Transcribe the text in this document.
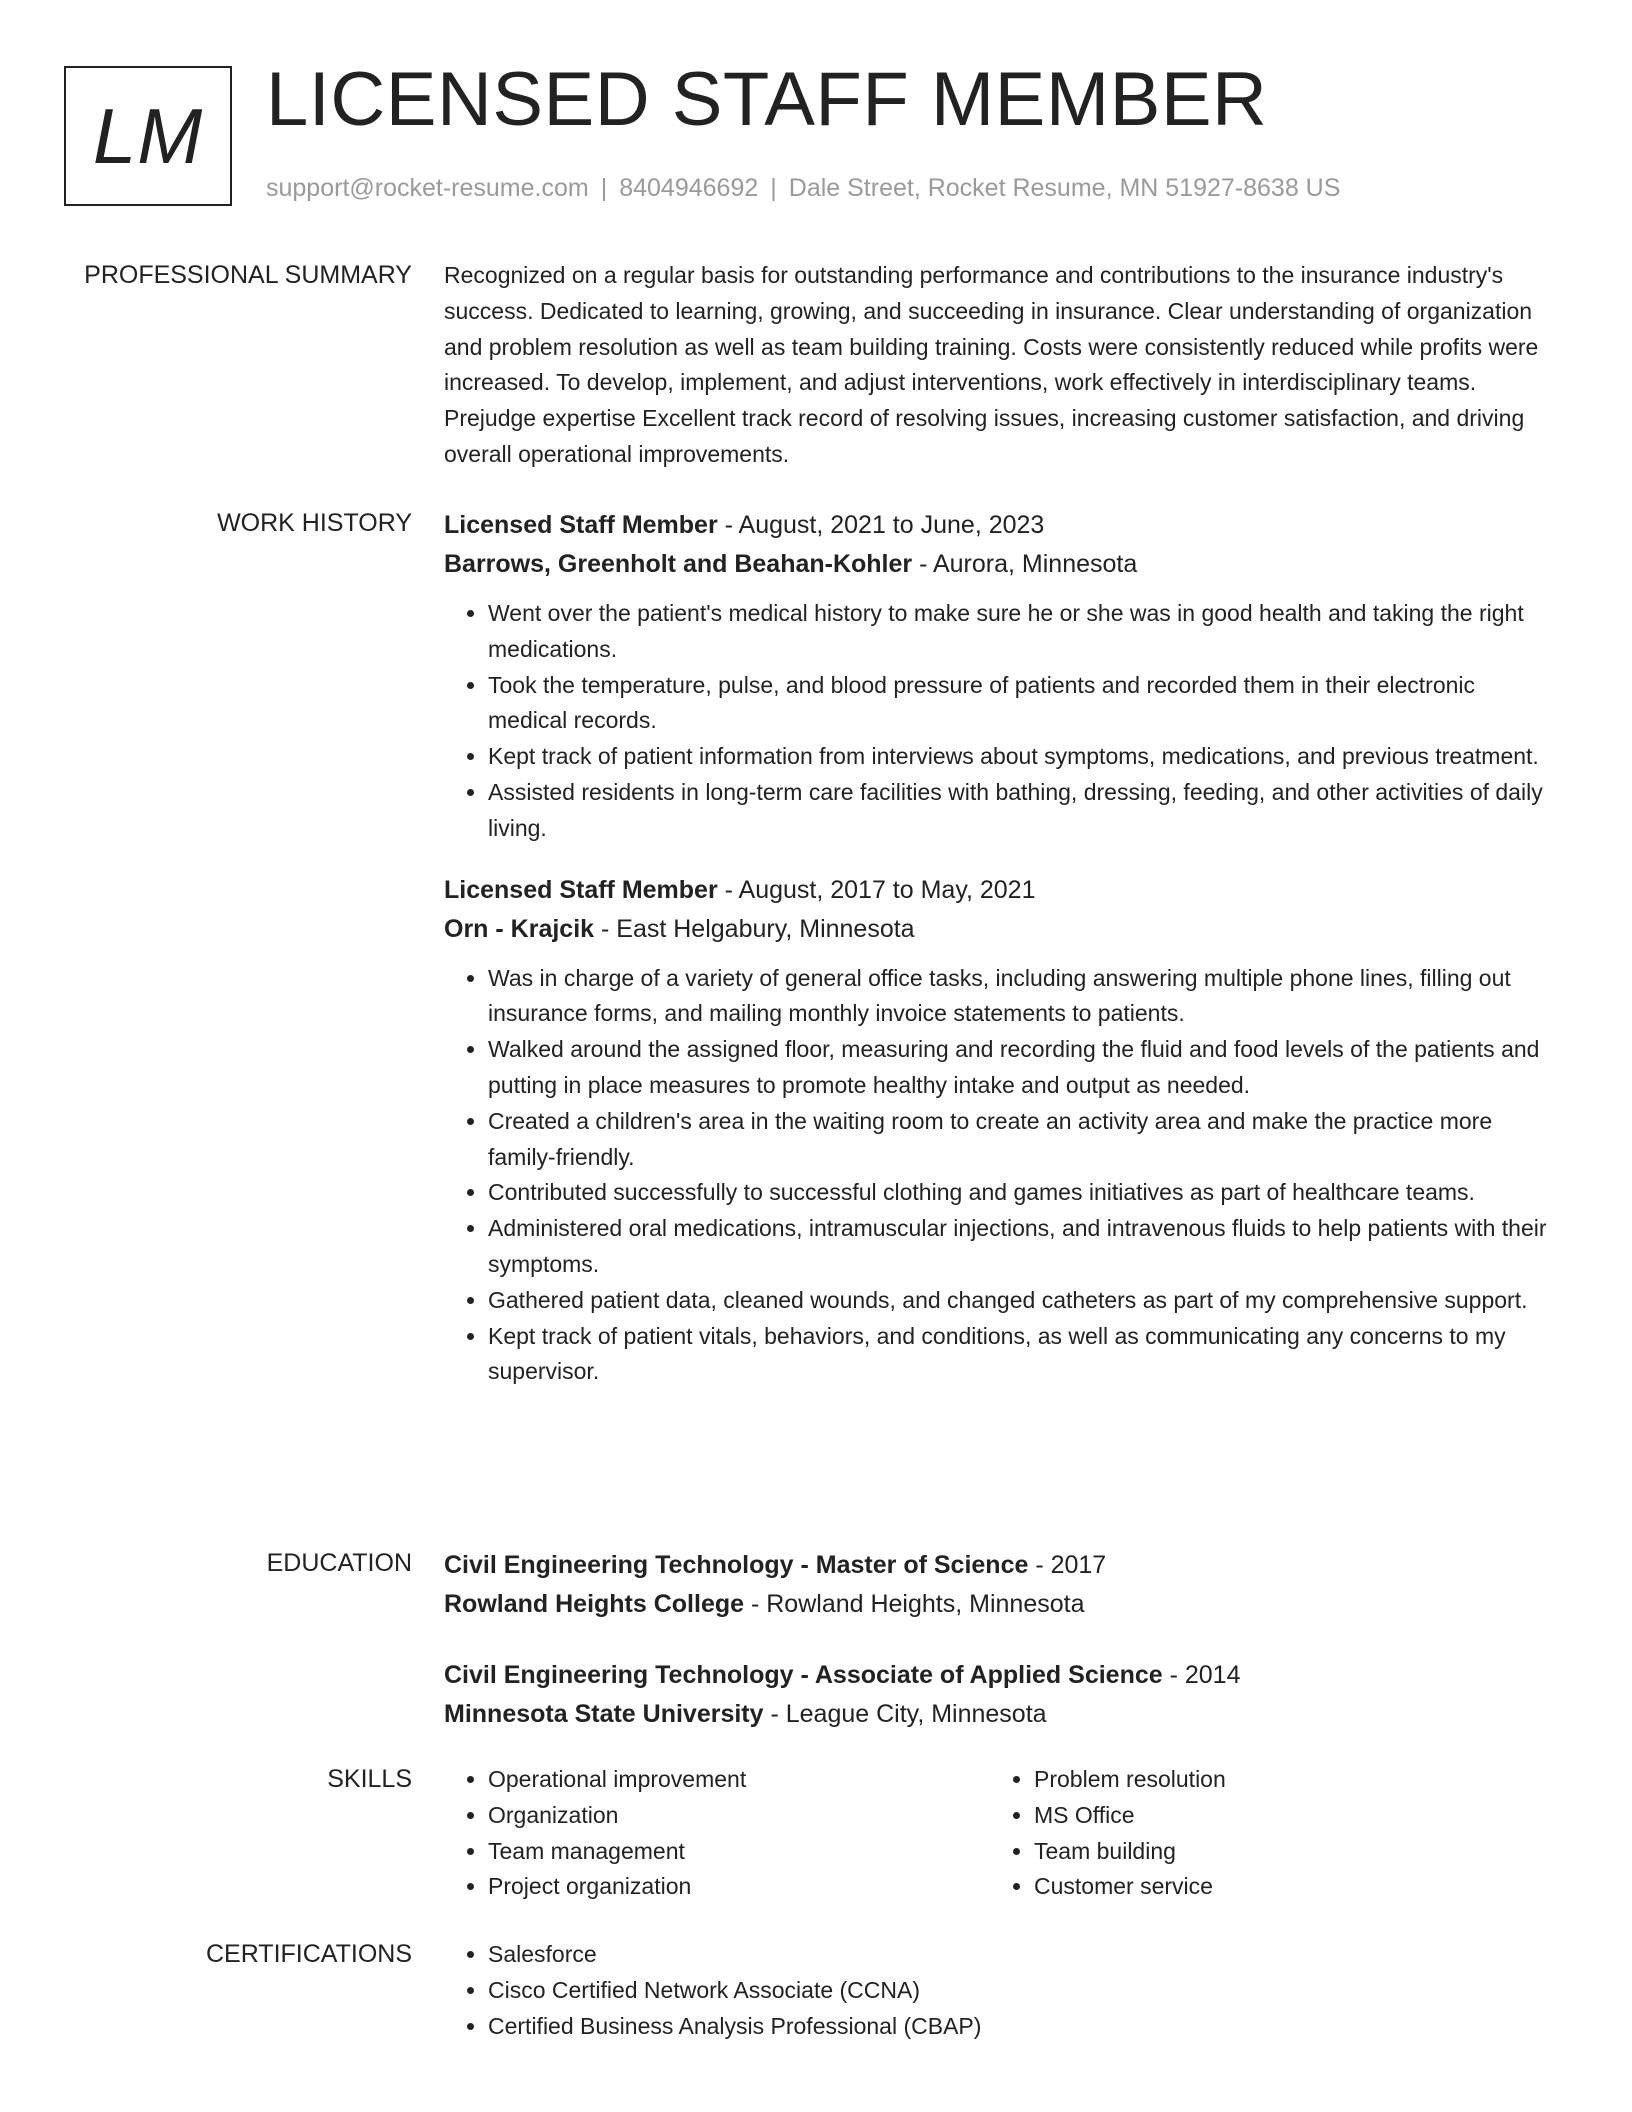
LM LICENSED STAFF MEMBER
support@rocket-resume.com | 8404946692 | Dale Street, Rocket Resume, MN 51927-8638 US
PROFESSIONAL SUMMARY Recognized on a regular basis for outstanding performance and contributions to the insurance industry's success. Dedicated to learning, growing, and succeeding in insurance. Clear understanding of organization and problem resolution as well as team building training. Costs were consistently reduced while profits were increased. To develop, implement, and adjust interventions, work effectively in interdisciplinary teams. Prejudge expertise Excellent track record of resolving issues, increasing customer satisfaction, and driving overall operational improvements.

WORK HISTORY Licensed Staff Member - August, 2021 to June, 2023
Barrows, Greenholt and Beahan-Kohler - Aurora, Minnesota
• Went over the patient's medical history to make sure he or she was in good health and taking the right medications.
• Took the temperature, pulse, and blood pressure of patients and recorded them in their electronic medical records.
• Kept track of patient information from interviews about symptoms, medications, and previous treatment.
• Assisted residents in long-term care facilities with bathing, dressing, feeding, and other activities of daily living.
Licensed Staff Member - August, 2017 to May, 2021
Orn - Krajcik - East Helgabury, Minnesota
• Was in charge of a variety of general office tasks, including answering multiple phone lines, filling out insurance forms, and mailing monthly invoice statements to patients.
• Walked around the assigned floor, measuring and recording the fluid and food levels of the patients and putting in place measures to promote healthy intake and output as needed.
• Created a children's area in the waiting room to create an activity area and make the practice more family-friendly.
• Contributed successfully to successful clothing and games initiatives as part of healthcare teams.
• Administered oral medications, intramuscular injections, and intravenous fluids to help patients with their symptoms.
• Gathered patient data, cleaned wounds, and changed catheters as part of my comprehensive support.
• Kept track of patient vitals, behaviors, and conditions, as well as communicating any concerns to my supervisor.
EDUCATION Civil Engineering Technology - Master of Science - 2017
Rowland Heights College - Rowland Heights, Minnesota
Civil Engineering Technology - Associate of Applied Science - 2014
Minnesota State University - League City, Minnesota
SKILLS	• Operational improvement
• Organization
• Team management
• Project organization
• Problem resolution
• MS Office
• Team building
• Customer service
CERTIFICATIONS	• Salesforce
• Cisco Certified Network Associate (CCNA)
• Certified Business Analysis Professional (CBAP)
